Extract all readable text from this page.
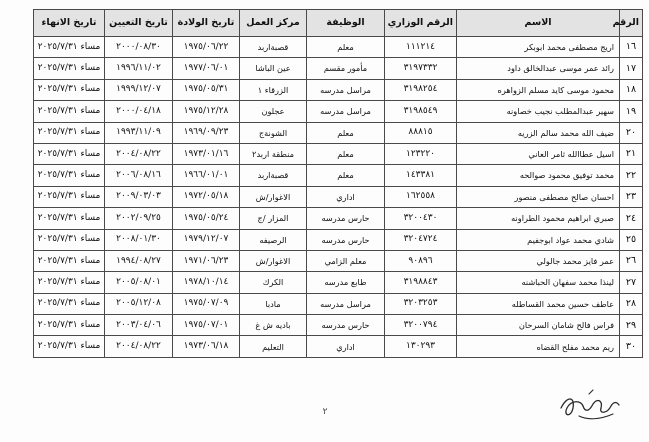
الرقم	الاسم	الرقم الوزاري	الوظيفة	مركز العمل	تاريخ الولادة	تاريخ التعيين	تاريخ الانهاء
١٦	اريج مصطفى محمد ابوبكر	١١١٢١٤	معلم	قصبةاربد	١٩٧٥/٠٦/٢٢	٢٠٠٠/٠٨/٣٠	مساء ٢٠٢٥/٧/٣١
١٧	رائد عمر موسى عبدالخالق داود	٣١٩٧٣٣٢	مأمور مقسم	عين الباشا	١٩٧٧/٠٦/٠١	١٩٩٦/١١/٠٢	مساء ٢٠٢٥/٧/٣١
١٨	محمود موسى كايد مسلم الزواهره	٣١٩٨٢٥٤	مراسل مدرسه	الزرقاء ١	١٩٧٥/٠٥/٣١	١٩٩٩/١٢/٠٧	مساء ٢٠٢٥/٧/٣١
١٩	سهير عبدالمطلب نجيب خصاونه	٣١٩٨٥٤٩	مراسل مدرسه	عجلون	١٩٧٥/١٢/٢٨	٢٠٠٠/٠٤/١٨	مساء ٢٠٢٥/٧/٣١
٢٠	ضيف الله محمد سالم الزريه	٨٨٨١٥	معلم	الشونةج	١٩٦٩/٠٩/٢٣	١٩٩٣/١١/٠٩	مساء ٢٠٢٥/٧/٣١
٢١	اسيل عطاالله ثامر العاني	١٢٣٢٢٠	معلم	منطقة اربد٢	١٩٧٣/٠١/١٦	٢٠٠٤/٠٨/٢٢	مساء ٢٠٢٥/٧/٣١
٢٢	محمد توفيق محمود صوالحه	١٤٣٣٨١	معلم	قصبةاربد	١٩٦٦/٠١/٠١	٢٠٠٦/٠٨/١٦	مساء ٢٠٢٥/٧/٣١
٢٣	احسان صالح مصطفى منصور	١٦٢٥٥٨	اداري	الاغوار/ش	١٩٧٢/٠٥/١٨	٢٠٠٩/٠٣/٠٣	مساء ٢٠٢٥/٧/٣١
٢٤	صبري ابراهيم محمود الطراونه	٣٢٠٠٤٣٠	حارس مدرسه	المزار /ج	١٩٧٥/٠٥/٢٤	٢٠٠٢/٠٩/٢٥	مساء ٢٠٢٥/٧/٣١
٢٥	شادي محمد عواد ابوجفيم	٣٢٠٤٧٢٤	حارس مدرسه	الرصيفه	١٩٧٩/١٢/٠٧	٢٠٠٨/٠١/٣٠	مساء ٢٠٢٥/٧/٣١
٢٦	عمر فايز محمد جالولي	٩٠٨٩٦	معلم الزامي	الاغوار/ش	١٩٧١/٠٦/٢٣	١٩٩٤/٠٨/٢٧	مساء ٢٠٢٥/٧/٣١
٢٧	لينذا محمد سفهان الحباشنه	٣١٩٨٨٤٣	طابع مدرسه	الكرك	١٩٧٨/١٠/١٤	٢٠٠٥/٠٨/٠١	مساء ٢٠٢٥/٧/٣١
٢٨	عاطف حسين محمد القساطله	٣٢٠٣٢٥٣	مراسل مدرسه	مادبا	١٩٧٥/٠٧/٠٩	٢٠٠٥/١٢/٠٨	مساء ٢٠٢٥/٧/٣١
٢٩	فراس فالح شامان السرحان	٣٢٠٠٧٩٤	حارس مدرسه	باديه ش غ	١٩٧٥/٠٧/٠١	٢٠٠٣/٠٤/٠٦	مساء ٢٠٢٥/٧/٣١
٣٠	ريم محمد مفلح القضاه	١٣٠٢٩٣	اداري	التعليم	١٩٧٣/٠٦/١٨	٢٠٠٤/٠٨/٢٢	مساء ٢٠٢٥/٧/٣١
٢
